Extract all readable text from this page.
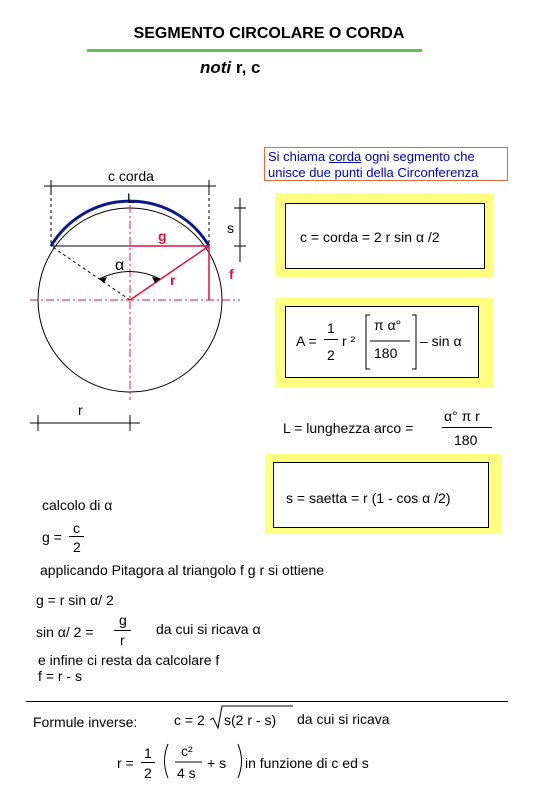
SEGMENTO CIRCOLARE O CORDA
noti r, c
Si chiama corda ogni segmento che
unisce due punti della Circonferenza
c corda
L
g	s
f
r
α
r
c = corda = 2 r sin α /2
A =
1
2
r ²
π α°
180
– sin α
L = lunghezza arco =
α° π r
180
s = saetta = r (1 - cos α /2)
calcolo di α
g =
c
2
applicando Pitagora al triangolo f g r si ottiene
g = r sin α/ 2
sin α/ 2 =
g
r
da cui si ricava α
e infine ci resta da calcolare f
f = r - s
Formule inverse:	c = 2 s(2 r - s) da cui si ricava
r =
1
2
c²
4 s
+ s in funzione di c ed s
